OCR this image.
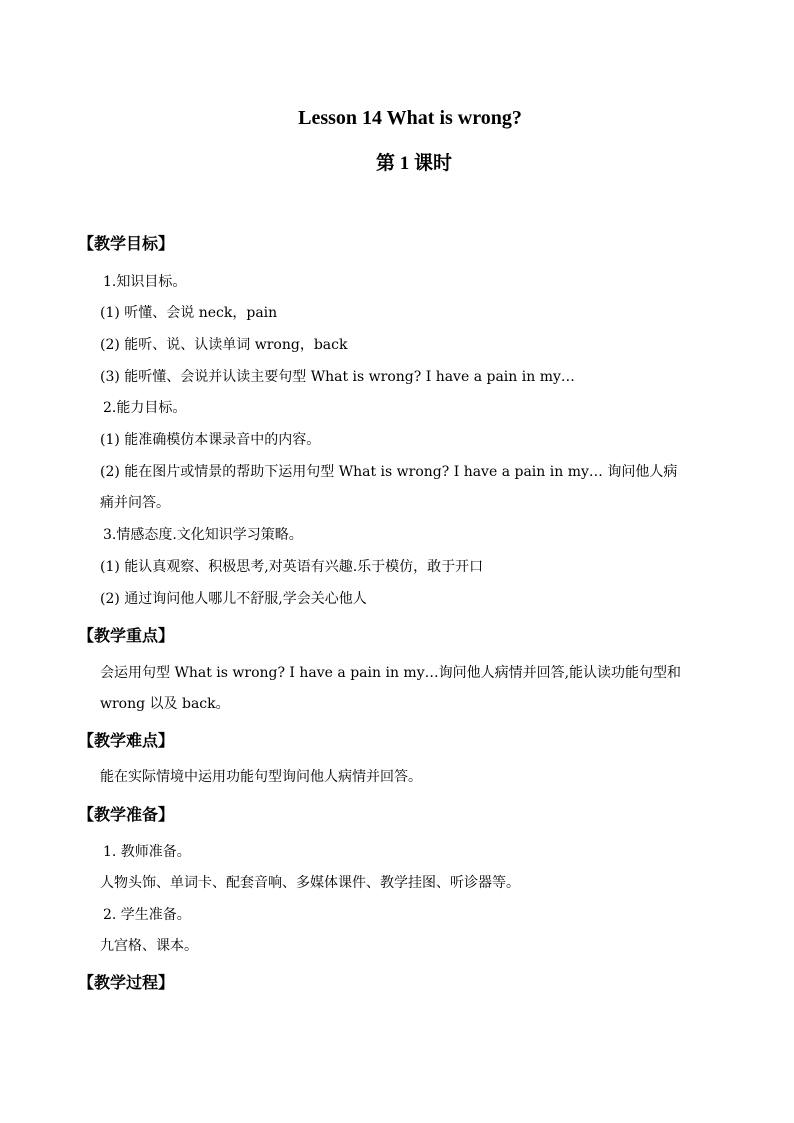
Lesson 14 What is wrong?
第 1 课时
【教学目标】
1.知识目标。
(1) 听懂、会说 neck，pain
(2) 能听、说、认读单词 wrong，back
(3) 能听懂、会说并认读主要句型 What is wrong? I have a pain in my…
2.能力目标。
(1) 能准确模仿本课录音中的内容。
(2) 能在图片或情景的帮助下运用句型 What is wrong? I have a pain in my… 询问他人病
痛并问答。
3.情感态度.文化知识学习策略。
(1) 能认真观察、积极思考,对英语有兴趣.乐于模仿，敢于开口
(2) 通过询问他人哪儿不舒服,学会关心他人
【教学重点】
会运用句型 What is wrong? I have a pain in my…询问他人病情并回答,能认读功能句型和
wrong 以及 back。
【教学难点】
能在实际情境中运用功能句型询问他人病情并回答。
【教学准备】
1. 教师准备。
人物头饰、单词卡、配套音响、多媒体课件、教学挂图、听诊器等。
2. 学生准备。
九宫格、课本。
【教学过程】
